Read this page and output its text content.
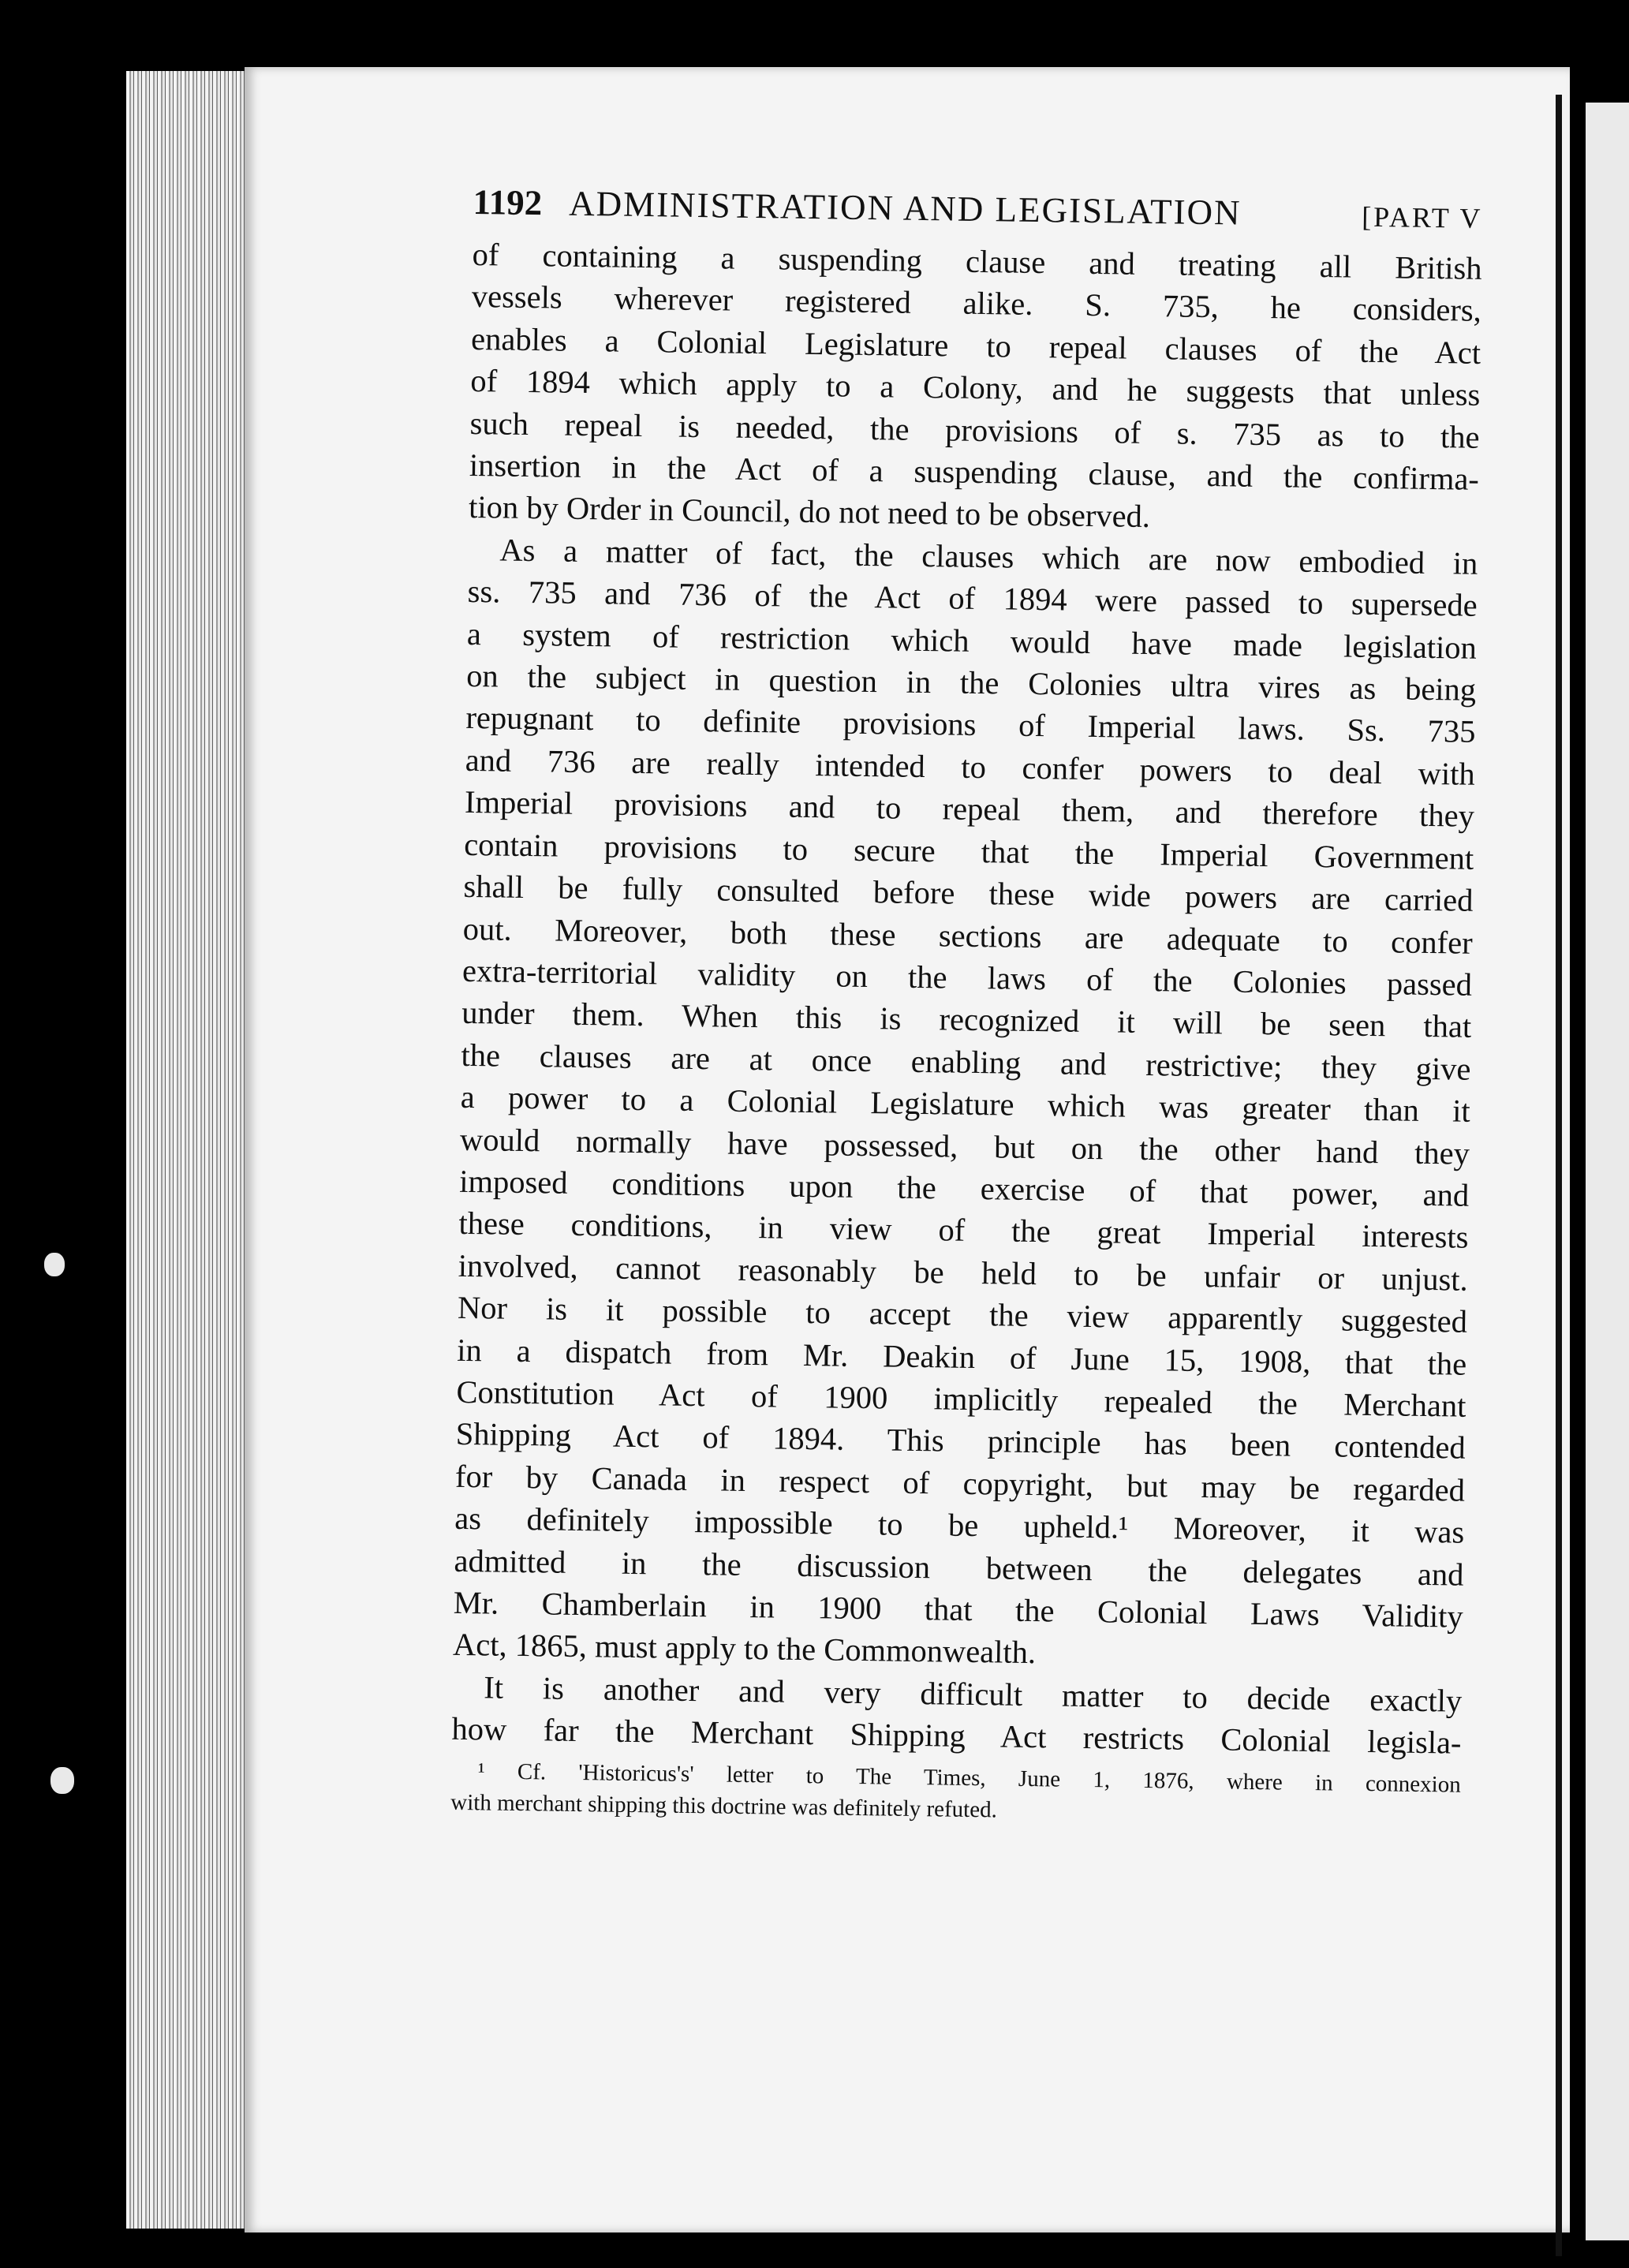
1192 ADMINISTRATION AND LEGISLATION	[PART V
of containing a suspending clause and treating all British
vessels wherever registered alike. S. 735, he considers,
enables a Colonial Legislature to repeal clauses of the Act
of 1894 which apply to a Colony, and he suggests that unless
such repeal is needed, the provisions of s. 735 as to the
insertion in the Act of a suspending clause, and the confirma-
tion by Order in Council, do not need to be observed.
As a matter of fact, the clauses which are now embodied in
ss. 735 and 736 of the Act of 1894 were passed to supersede
a system of restriction which would have made legislation
on the subject in question in the Colonies ultra vires as being
repugnant to definite provisions of Imperial laws. Ss. 735
and 736 are really intended to confer powers to deal with
Imperial provisions and to repeal them, and therefore they
contain provisions to secure that the Imperial Government
shall be fully consulted before these wide powers are carried
out. Moreover, both these sections are adequate to confer
extra-territorial validity on the laws of the Colonies passed
under them. When this is recognized it will be seen that
the clauses are at once enabling and restrictive; they give
a power to a Colonial Legislature which was greater than it
would normally have possessed, but on the other hand they
imposed conditions upon the exercise of that power, and
these conditions, in view of the great Imperial interests
involved, cannot reasonably be held to be unfair or unjust.
Nor is it possible to accept the view apparently suggested
in a dispatch from Mr. Deakin of June 15, 1908, that the
Constitution Act of 1900 implicitly repealed the Merchant
Shipping Act of 1894. This principle has been contended
for by Canada in respect of copyright, but may be regarded
as definitely impossible to be upheld.¹ Moreover, it was
admitted in the discussion between the delegates and
Mr. Chamberlain in 1900 that the Colonial Laws Validity
Act, 1865, must apply to the Commonwealth.
It is another and very difficult matter to decide exactly
how far the Merchant Shipping Act restricts Colonial legisla-
¹ Cf. 'Historicus's' letter to The Times, June 1, 1876, where in connexion
with merchant shipping this doctrine was definitely refuted.
